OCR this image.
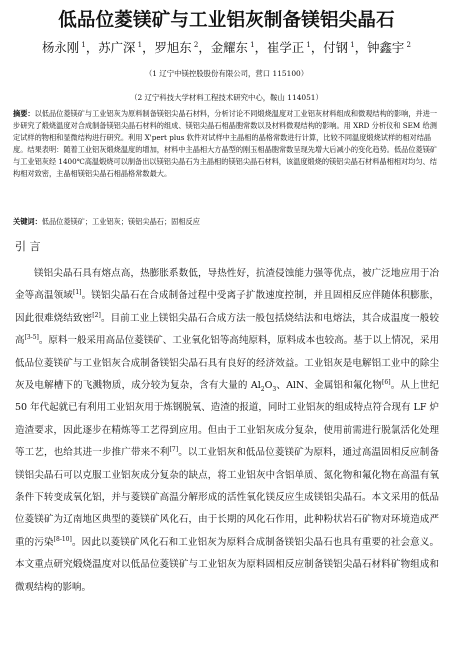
低品位菱镁矿与工业铝灰制备镁铝尖晶石
杨永刚 $^1$，苏广深 $^1$，罗旭东 $^2$，金耀东 $^1$，崔学正 $^1$，付钢 $^1$，钟鑫宇 $^2$
（1 辽宁中镁控股股份有限公司，营口 115100）
（2 辽宁科技大学材料工程技术研究中心，鞍山 114051）
摘要：以低品位菱镁矿与工业铝灰为原料制备镁铝尖晶石材料，分析讨论不同煅烧温度对工业铝灰材料组成和微观结构的影响，并进一步研究了煅烧温度对合成制备镁铝尖晶石材料的组成、镁铝尖晶石相晶胞常数以及材料微观结构的影响。用 XRD 分析仪和 SEM 给测定试样的物相和显微结构进行研究。利用 X'pert plus 软件对试样中主晶相的晶格常数进行计算，比较不同温度煅烧试样的相对结晶度。结果表明：随着工业铝灰煅烧温度的增加，材料中主晶相大方晶型的刚玉相晶胞常数呈现先增大后减小的变化趋势。低品位菱镁矿与工业铝灰经 1400℃高温煅烧可以制备出以镁铝尖晶石为主晶相的镁铝尖晶石材料，该温度煅烧的镁铝尖晶石材料晶相相对均匀、结构相对致密，主晶相镁铝尖晶石相晶格常数最大。
关键词：低品位菱镁矿；工业铝灰；镁铝尖晶石；固相反应
引 言
镁铝尖晶石具有熔点高，热膨胀系数低，导热性好，抗渣侵蚀能力强等优点，被广泛地应用于冶金等高温领域[1]。镁铝尖晶石在合成制备过程中受离子扩散速度控制，并且固相反应伴随体积膨胀，因此很难烧结致密[2]。目前工业上镁铝尖晶石合成方法一般包括烧结法和电熔法，其合成温度一般较高[3-5]。原料一般采用高品位菱镁矿、工业氧化铝等高纯原料，原料成本也较高。基于以上情况，采用低品位菱镁矿与工业铝灰合成制备镁铝尖晶石具有良好的经济效益。工业铝灰是电解铝工业中的除尘灰及电解槽下的飞溅物质，成分较为复杂，含有大量的 $Al_2O_3$、AlN、金属铝和氟化物[6]。从上世纪 50 年代起就已有利用工业铝灰用于炼钢脱氧、造渣的报道，同时工业铝灰的组成特点符合现有 LF 炉造渣要求，因此逐步在精炼等工艺得到应用。但由于工业铝灰成分复杂，使用前需进行脱氯活化处理等工艺，也给其进一步推广带来不利[7]。以工业铝灰和低品位菱镁矿为原料，通过高温固相反应制备镁铝尖晶石可以克服工业铝灰成分复杂的缺点，将工业铝灰中含铝单质、氮化物和氟化物在高温有氧条件下转变成氧化铝，并与菱镁矿高温分解形成的活性氧化镁反应生成镁铝尖晶石。本文采用的低品位菱镁矿为辽南地区典型的菱镁矿风化石，由于长期的风化石作用，此种粉状岩石矿物对环境造成严重的污染[8-10]。因此以菱镁矿风化石和工业铝灰为原料合成制备镁铝尖晶石也具有重要的社会意义。本文重点研究煅烧温度对以低品位菱镁矿与工业铝灰为原料固相反应制备镁铝尖晶石材料矿物组成和微观结构的影响。
